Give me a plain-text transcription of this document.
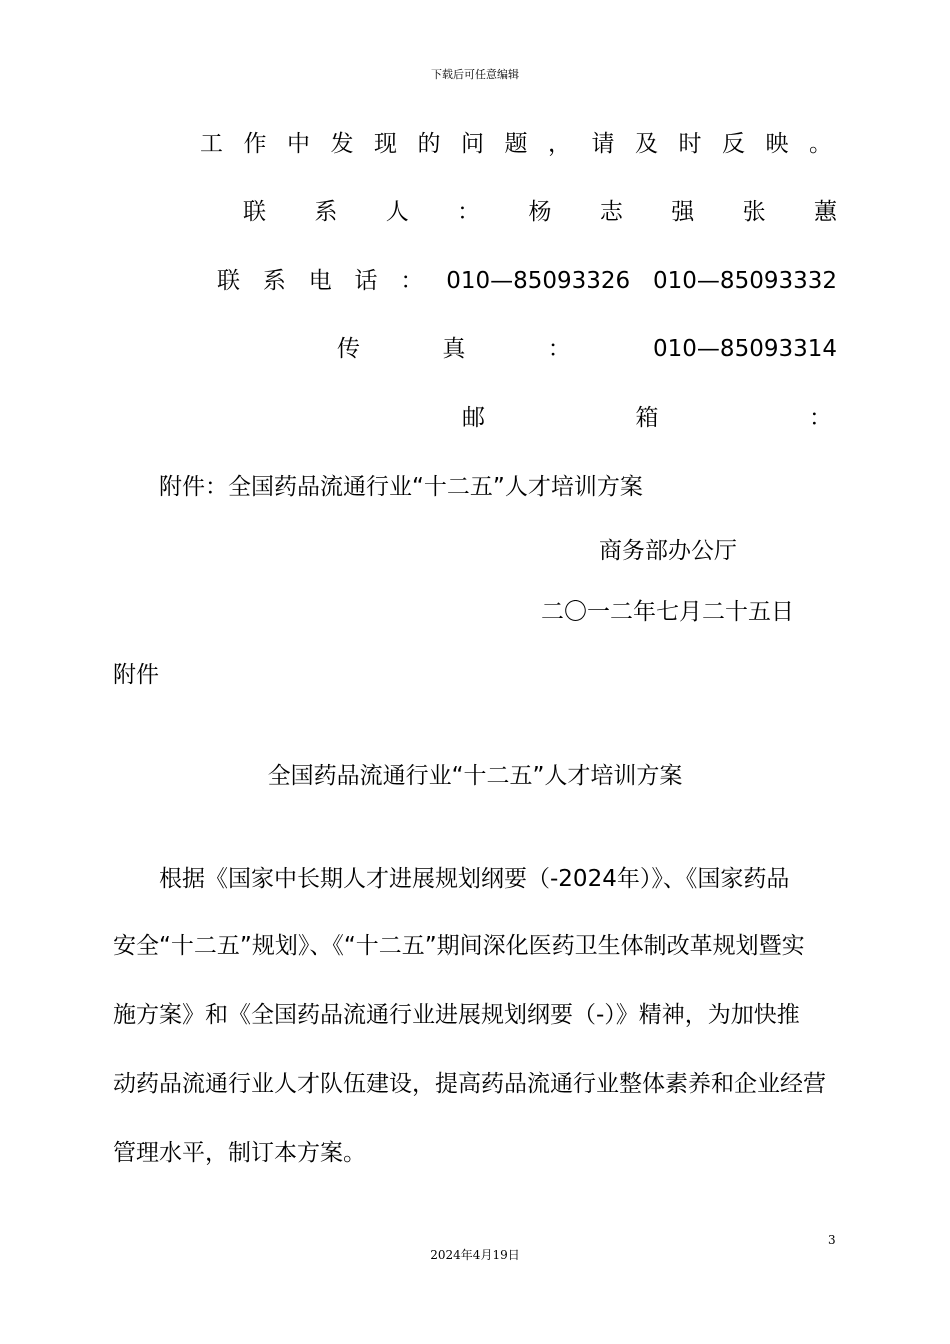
下载后可任意编辑
工 作 中 发 现 的 问 题 ， 请 及 时 反 映 。
联 系 人 ： 杨 志 强 张 蕙
联 系 电 话 ： 010—85093326 010—85093332
传	真	：	010—85093314
邮	箱	：
附件：全国药品流通行业“十二五”人才培训方案
商务部办公厅
二〇一二年七月二十五日
附件
全国药品流通行业“十二五”人才培训方案
根据《国家中长期人才进展规划纲要（-2024年）》、《国家药品
安全“十二五”规划》、《“十二五”期间深化医药卫生体制改革规划暨实
施方案》和《全国药品流通行业进展规划纲要（-）》精神，为加快推
动药品流通行业人才队伍建设，提高药品流通行业整体素养和企业经营
管理水平，制订本方案。
3
2024年4月19日
